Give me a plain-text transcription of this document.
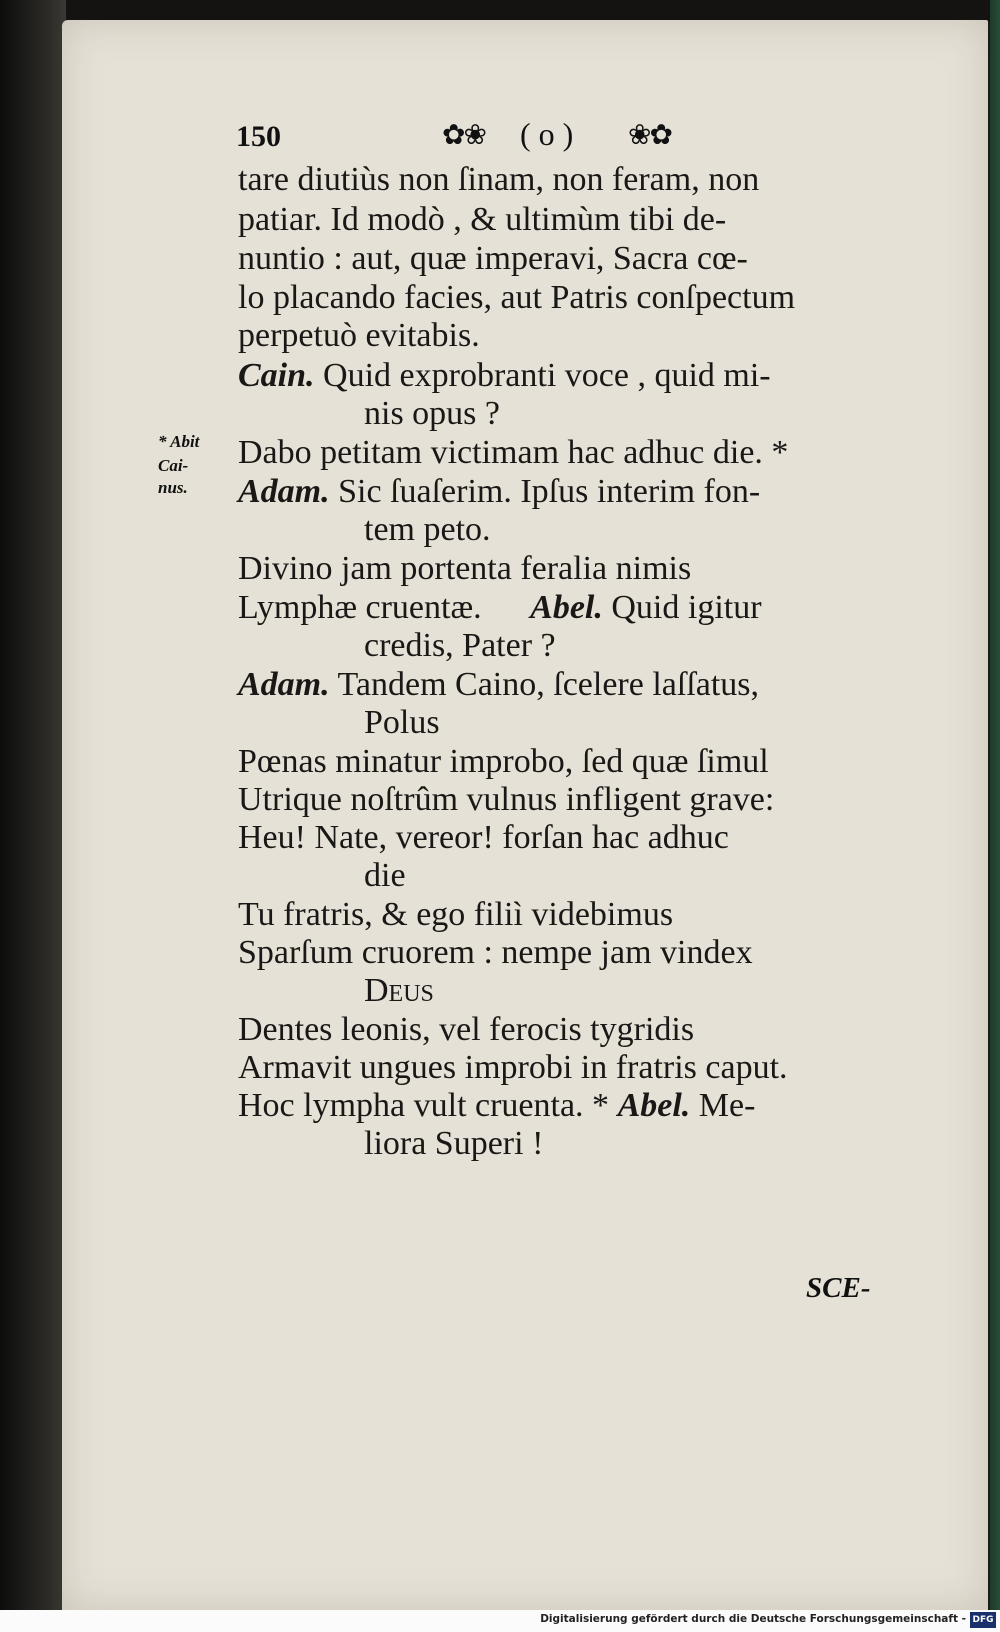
150	✿❀ ( o ) ❀✿
tare diutiùs non ſinam, non feram, non
patiar. Id modò , & ultimùm tibi de-
nuntio : aut, quæ imperavi, Sacra cœ-
lo placando facies, aut Patris conſpectum
perpetuò evitabis.
Cain. Quid exprobranti voce , quid mi-
nis opus ?
Dabo petitam victimam hac adhuc die. *
Adam. Sic ſuaſerim. Ipſus interim fon-
tem peto.
Divino jam portenta feralia nimis
Lymphæ cruentæ. Abel. Quid igitur
credis, Pater ?
Adam. Tandem Caino, ſcelere laſſatus,
Polus
Pœnas minatur improbo, ſed quæ ſimul
Utrique noſtrûm vulnus infligent grave:
Heu! Nate, vereor! forſan hac adhuc
die
Tu fratris, & ego filiì videbimus
Sparſum cruorem : nempe jam vindex
Deus
Dentes leonis, vel ferocis tygridis
Armavit ungues improbi in fratris caput.
Hoc lympha vult cruenta. * Abel. Me-
liora Superi !
* Abit
Cai-
nus.
SCE-
Digitalisierung gefördert durch die Deutsche Forschungsgemeinschaft - DFG
